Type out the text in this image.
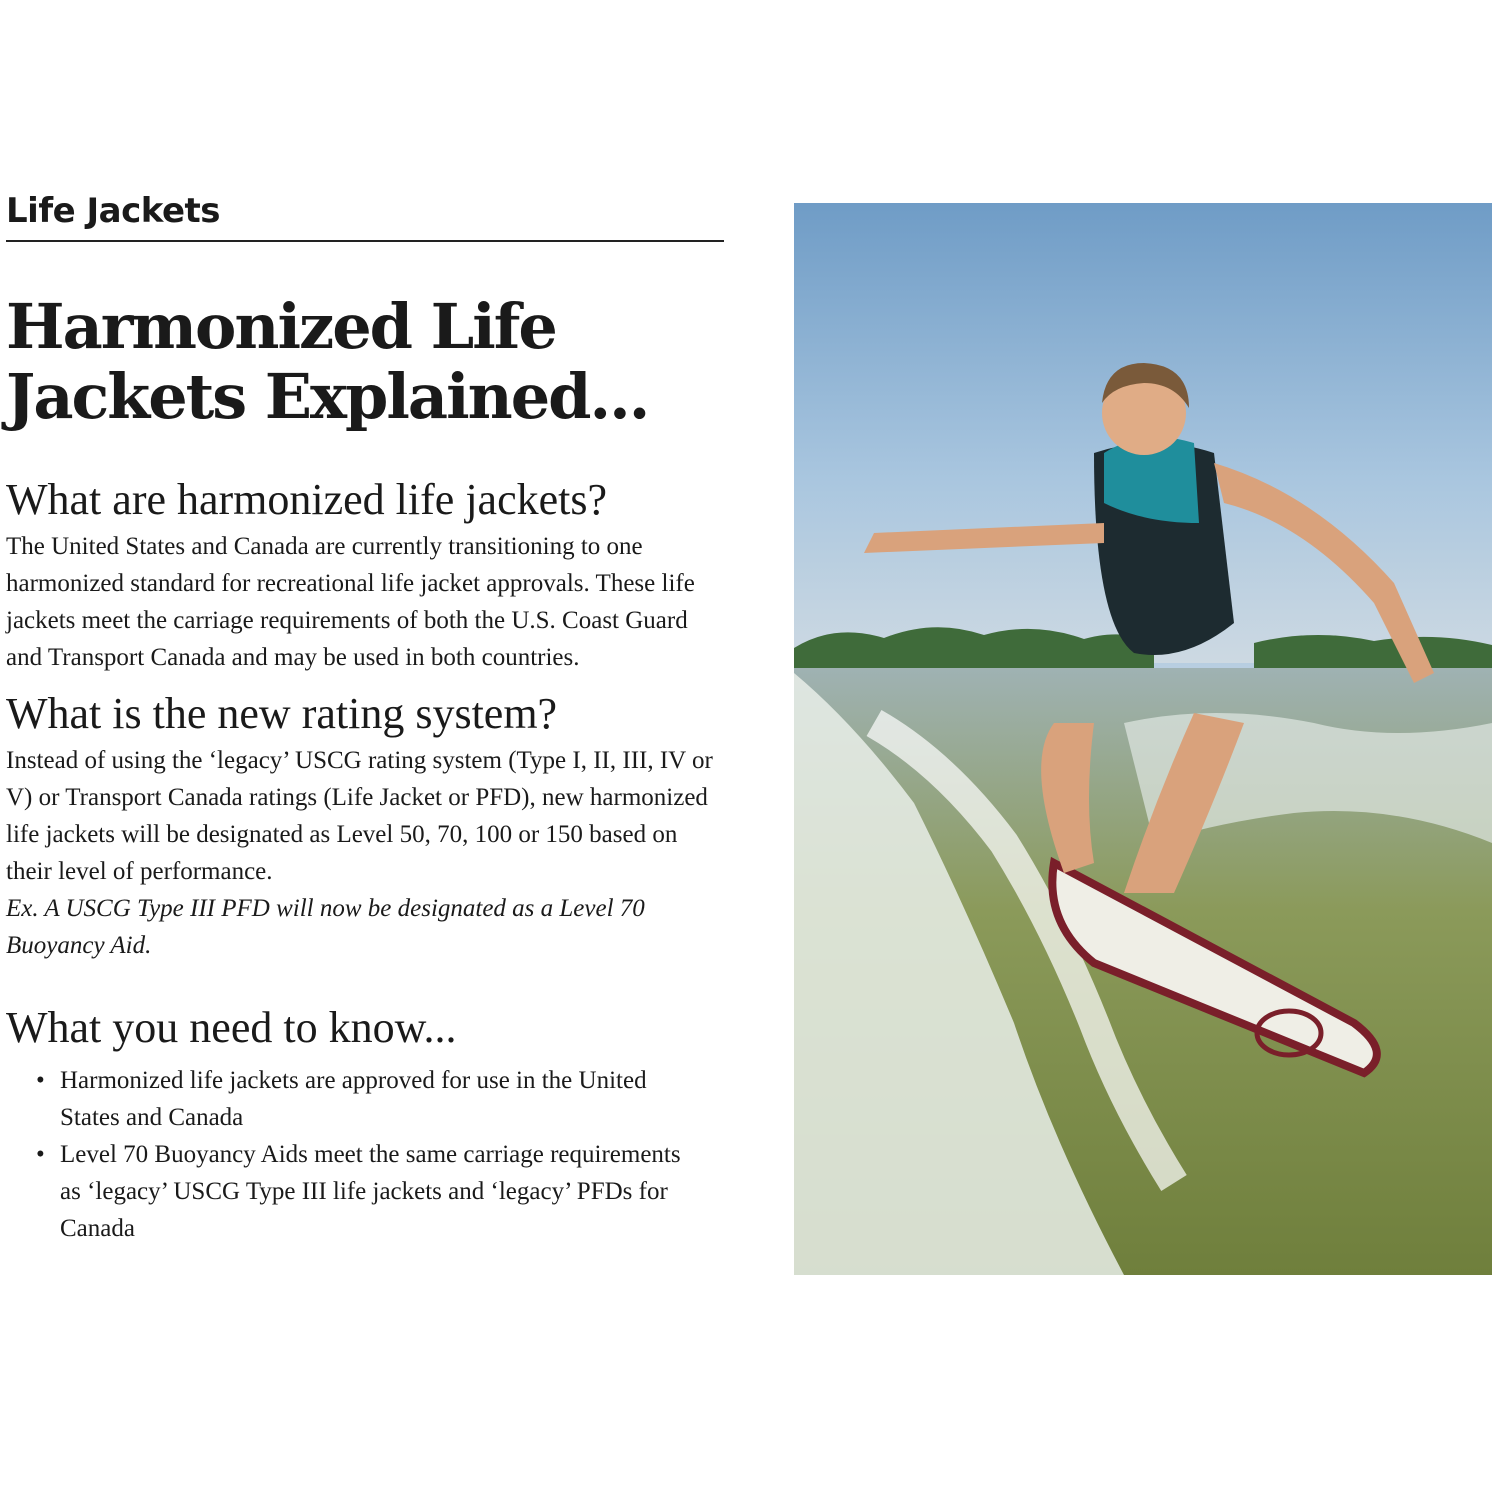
Life Jackets
Harmonized Life Jackets Explained...
What are harmonized life jackets?

The United States and Canada are currently transitioning to one harmonized standard for recreational life jacket approvals. These life jackets meet the carriage requirements of both the U.S. Coast Guard and Transport Canada and may be used in both countries.

What is the new rating system?

Instead of using the ‘legacy’ USCG rating system (Type I, II, III, IV or V) or Transport Canada ratings (Life Jacket or PFD), new harmonized life jackets will be designated as Level 50, 70, 100 or 150 based on their level of performance.

Ex. A USCG Type III PFD will now be designated as a Level 70 Buoyancy Aid.

What you need to know...
• Harmonized life jackets are approved for use in the United States and Canada
• Level 70 Buoyancy Aids meet the same carriage requirements as ‘legacy’ USCG Type III life jackets and ‘legacy’ PFDs for Canada
